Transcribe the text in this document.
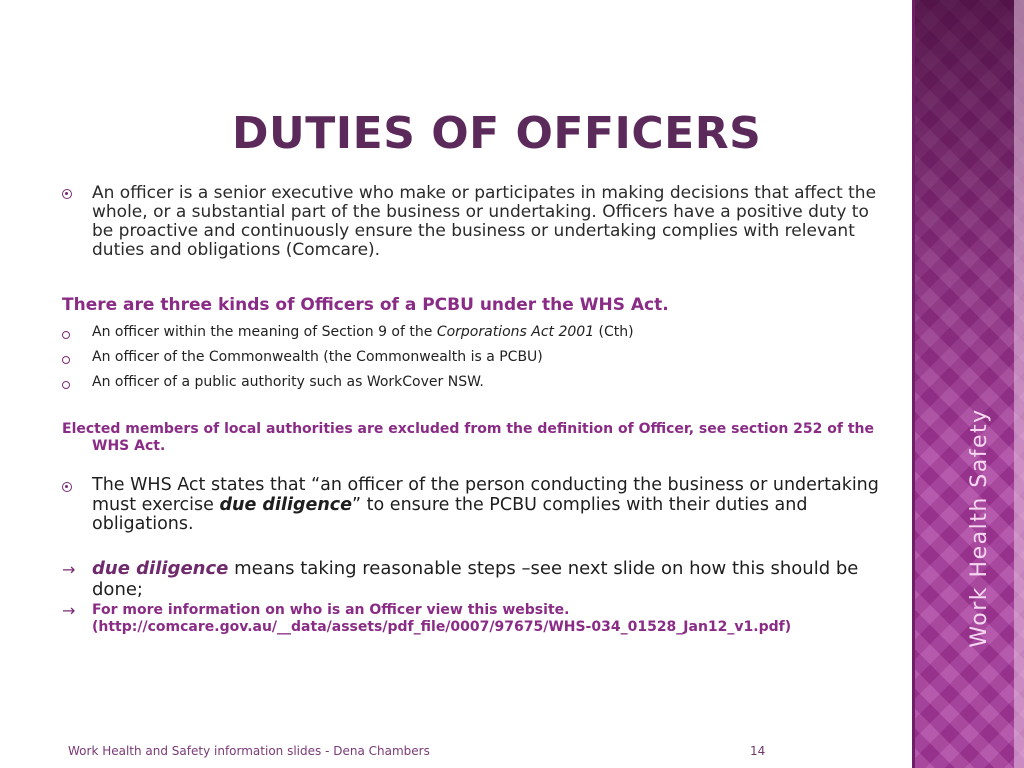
DUTIES OF OFFICERS
An officer is a senior executive who make or participates in making decisions that affect the whole, or a substantial part of the business or undertaking. Officers have a positive duty to be proactive and continuously ensure the business or undertaking complies with relevant duties and obligations (Comcare).
There are three kinds of Officers of a PCBU under the WHS Act.
An officer within the meaning of Section 9 of the Corporations Act 2001 (Cth)
An officer of the Commonwealth (the Commonwealth is a PCBU)
An officer of a public authority such as WorkCover NSW.
Elected members of local authorities are excluded from the definition of Officer, see section 252 of the
WHS Act.
The WHS Act states that “an officer of the person conducting the business or undertaking must exercise due diligence” to ensure the PCBU complies with their duties and obligations.
→ due diligence means taking reasonable steps –see next slide on how this should be done;
→ For more information on who is an Officer view this website.
(http://comcare.gov.au/__data/assets/pdf_file/0007/97675/WHS-034_01528_Jan12_v1.pdf)
Work Health and Safety information slides - Dena Chambers	14
Work Health Safety
